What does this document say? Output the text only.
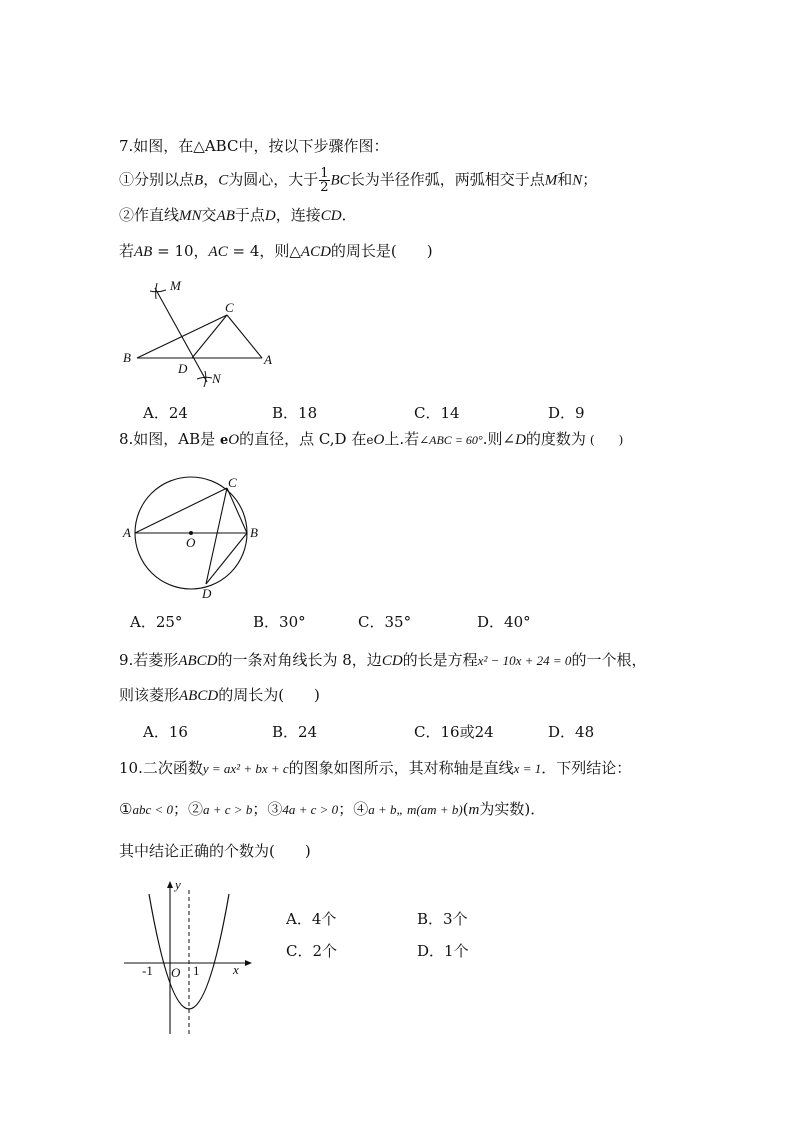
7.如图，在△ABC中，按以下步骤作图：
①分别以点B，C为圆心，大于 $\frac{1}{2}$ BC长为半径作弧，两弧相交于点M和N；
②作直线MN交AB于点D，连接CD．
若AB = 10，AC = 4，则△ACD的周长是(　　)
M
C
B
D
N
A
A．24	B．18	C．14	D．9
8.如图，AB是 eO的直径，点 C,D 在eO上.若∠ABC = 60°.则∠D的度数为 (　　)
A	B
C
D
O
A．25°	B．30°	C．35°	D．40°
9.若菱形ABCD的一条对角线长为 8，边CD的长是方程x² − 10x + 24 = 0的一个根，
则该菱形ABCD的周长为(　　)
A．16	B．24	C．16或24	D．48
10.二次函数y = ax² + bx + c的图象如图所示，其对称轴是直线x = 1．下列结论：
①abc < 0；②a + c > b；③4a + c > 0；④a + b„ m(am + b)(m为实数)．
其中结论正确的个数为(　　)
y
x
-1 O 1
A．4个	B．3个
C．2个	D．1个
